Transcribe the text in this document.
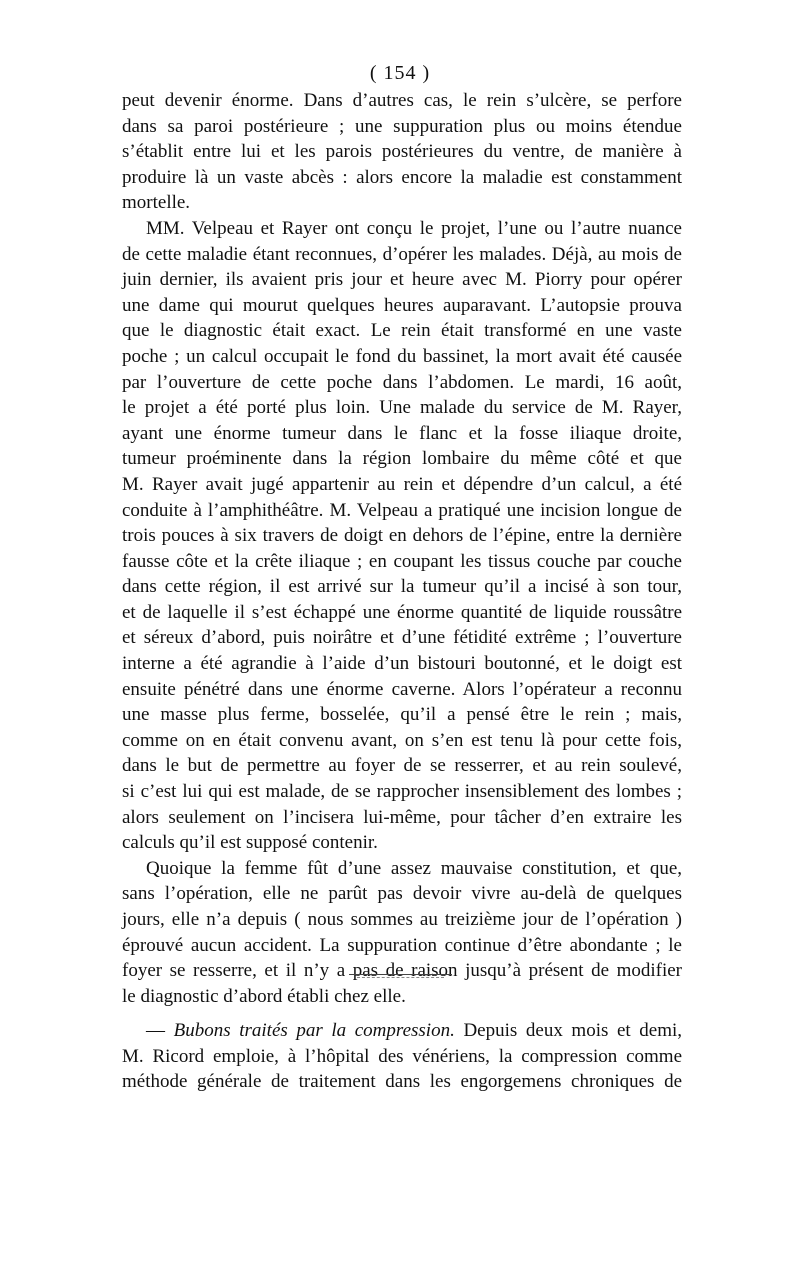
( 154 )

peut devenir énorme. Dans d’autres cas, le rein s’ulcère, se perfore
dans sa paroi postérieure ; une suppuration plus ou moins étendue
s’établit entre lui et les parois postérieures du ventre, de manière à
produire là un vaste abcès : alors encore la maladie est constamment
mortelle.

MM. Velpeau et Rayer ont conçu le projet, l’une ou l’autre nuance
de cette maladie étant reconnues, d’opérer les malades. Déjà, au mois de
juin dernier, ils avaient pris jour et heure avec M. Piorry pour opérer
une dame qui mourut quelques heures auparavant. L’autopsie prouva
que le diagnostic était exact. Le rein était transformé en une vaste
poche ; un calcul occupait le fond du bassinet, la mort avait été causée
par l’ouverture de cette poche dans l’abdomen. Le mardi, 16 août,
le projet a été porté plus loin. Une malade du service de M. Rayer,
ayant une énorme tumeur dans le flanc et la fosse iliaque droite,
tumeur proéminente dans la région lombaire du même côté et que
M. Rayer avait jugé appartenir au rein et dépendre d’un calcul, a été
conduite à l’amphithéâtre. M. Velpeau a pratiqué une incision longue de
trois pouces à six travers de doigt en dehors de l’épine, entre la dernière
fausse côte et la crête iliaque ; en coupant les tissus couche par couche
dans cette région, il est arrivé sur la tumeur qu’il a incisé à son tour,
et de laquelle il s’est échappé une énorme quantité de liquide roussâtre
et séreux d’abord, puis noirâtre et d’une fétidité extrême ; l’ouverture
interne a été agrandie à l’aide d’un bistouri boutonné, et le doigt est
ensuite pénétré dans une énorme caverne. Alors l’opérateur a reconnu
une masse plus ferme, bosselée, qu’il a pensé être le rein ; mais,
comme on en était convenu avant, on s’en est tenu là pour cette fois,
dans le but de permettre au foyer de se resserrer, et au rein soulevé,
si c’est lui qui est malade, de se rapprocher insensiblement des lombes ;
alors seulement on l’incisera lui-même, pour tâcher d’en extraire les
calculs qu’il est supposé contenir.

Quoique la femme fût d’une assez mauvaise constitution, et que,
sans l’opération, elle ne parût pas devoir vivre au-delà de quelques
jours, elle n’a depuis ( nous sommes au treizième jour de l’opération )
éprouvé aucun accident. La suppuration continue d’être abondante ; le
foyer se resserre, et il n’y a pas de raison jusqu’à présent de modifier
le diagnostic d’abord établi chez elle.

— Bubons traités par la compression. Depuis deux mois et demi,
M. Ricord emploie, à l’hôpital des vénériens, la compression comme
méthode générale de traitement dans les engorgemens chroniques de
